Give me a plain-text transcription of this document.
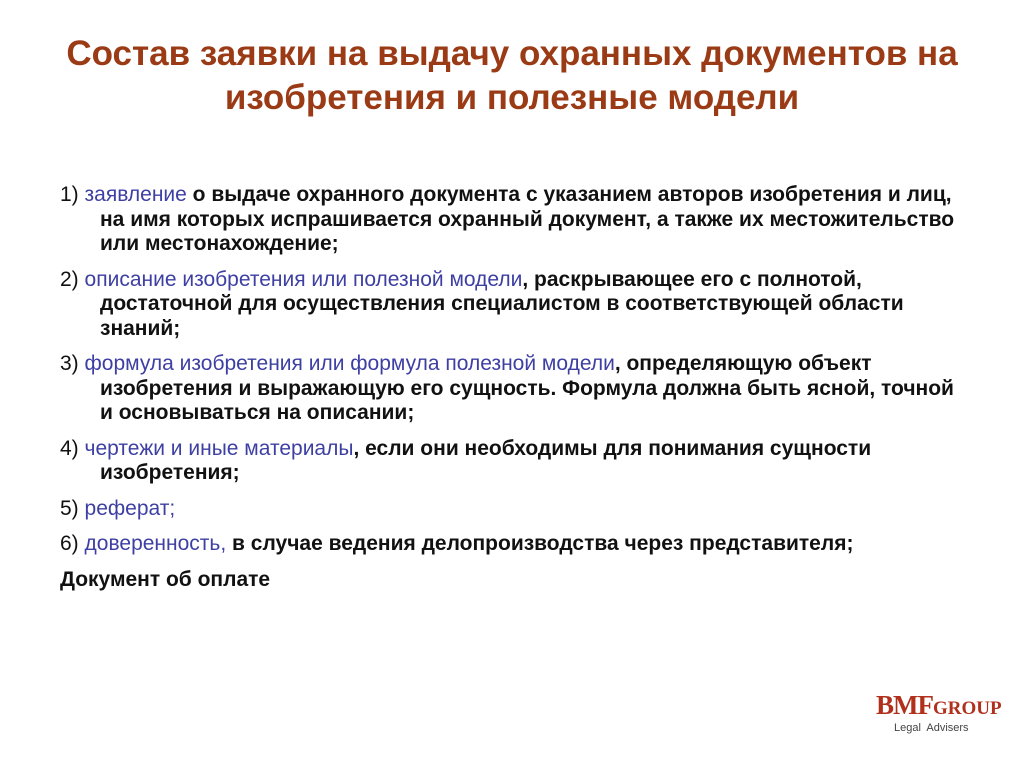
Состав заявки на выдачу охранных документов на изобретения и полезные модели
1) заявление о выдаче охранного документа с указанием авторов изобретения и лиц, на имя которых испрашивается охранный документ, а также их местожительство или местонахождение;
2) описание изобретения или полезной модели, раскрывающее его с полнотой, достаточной для осуществления специалистом в соответствующей области знаний;
3) формула изобретения или формула полезной модели, определяющую объект изобретения и выражающую его сущность. Формула должна быть ясной, точной и основываться на описании;
4) чертежи и иные материалы, если они необходимы для понимания сущности изобретения;
5) реферат;
6) доверенность, в случае ведения делопроизводства через представителя;
Документ об оплате
BMFGROUP
Legal Advisers
